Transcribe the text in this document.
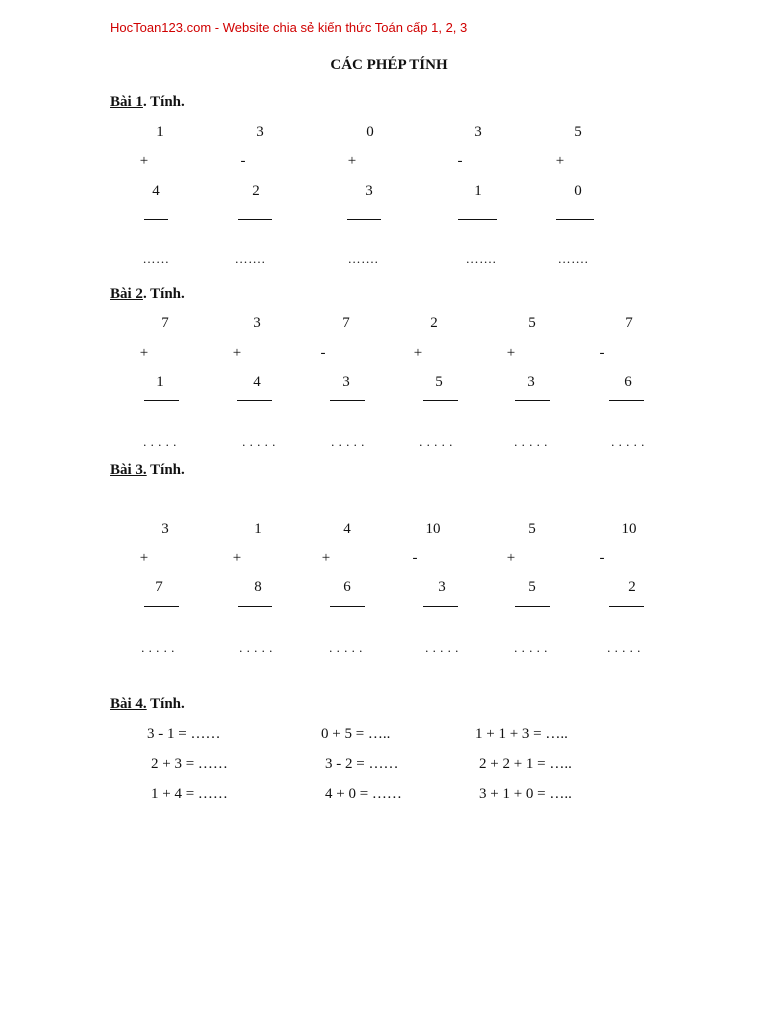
HocToan123.com - Website chia sẻ kiến thức Toán cấp 1, 2, 3
CÁC PHÉP TÍNH
Bài 1. Tính.
1
+
4
……
3
-
2
…….
0
+
3
…….
3
-
1
…….
5
+
0
…….
Bài 2. Tính.
7
+
1
. . . . .
3
+
4
. . . . .
7
-
3
. . . . .
2
+
5
. . . . .
5
+
3
. . . . .
7
-
6
. . . . .
Bài 3. Tính.
3
+
7
. . . . .
1
+
8
. . . . .
4
+
6
. . . . .
10
-
3
. . . . .
5
+
5
. . . . .
10
-
2
. . . . .
Bài 4. Tính.
3 - 1 = ……	0 + 5 = …..	1 + 1 + 3 = …..
2 + 3 = ……	3 - 2 = ……	2 + 2 + 1 = …..
1 + 4 = ……	4 + 0 = ……	3 + 1 + 0 = …..
